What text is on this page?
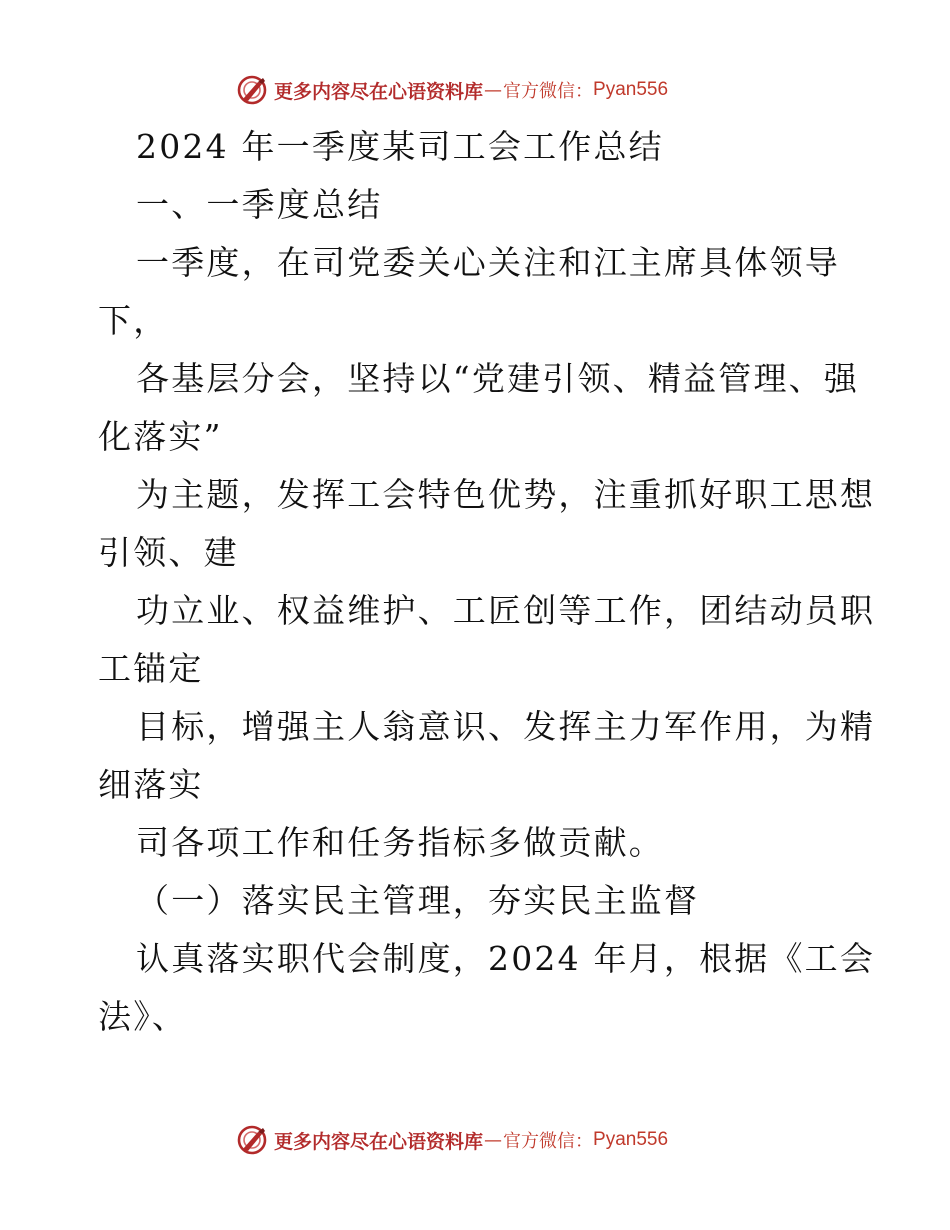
更多内容尽在心语资料库 — 官方微信： Pyan556
2024 年一季度某司工会工作总结
一、一季度总结
一季度，在司党委关心关注和江主席具体领导
下，
各基层分会，坚持以“党建引领、精益管理、强
化落实”
为主题，发挥工会特色优势，注重抓好职工思想
引领、建
功立业、权益维护、工匠创等工作，团结动员职
工锚定
目标，增强主人翁意识、发挥主力军作用，为精
细落实
司各项工作和任务指标多做贡献。
（一）落实民主管理，夯实民主监督
认真落实职代会制度，2024 年月，根据《工会
法》、
更多内容尽在心语资料库 — 官方微信： Pyan556
